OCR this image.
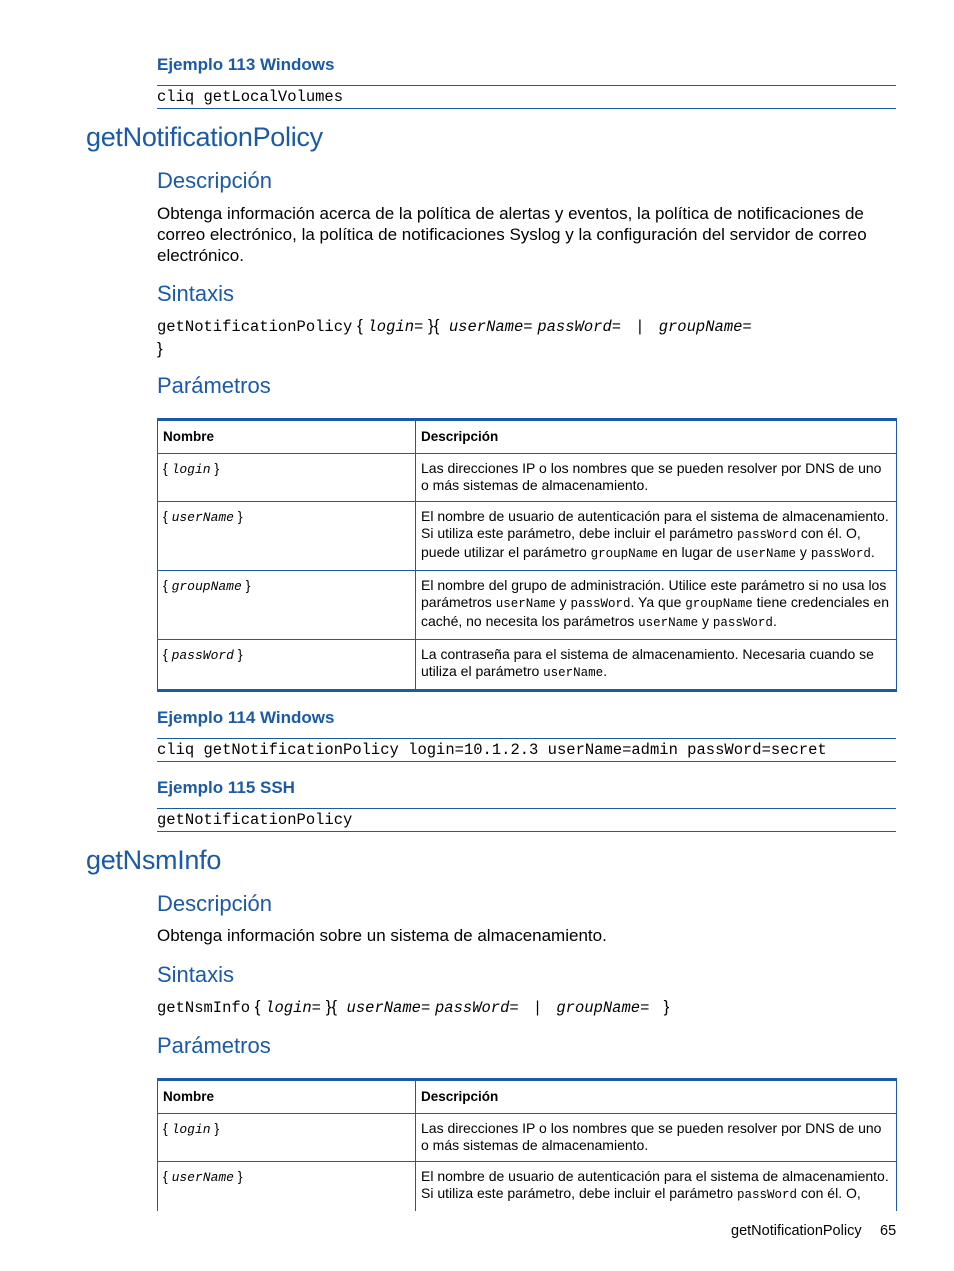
Ejemplo 113 Windows
cliq getLocalVolumes
getNotificationPolicy
Descripción
Obtenga información acerca de la política de alertas y eventos, la política de notificaciones de correo electrónico, la política de notificaciones Syslog y la configuración del servidor de correo electrónico.
Sintaxis
getNotificationPolicy { login= }{ userName= passWord= | groupName=
}
Parámetros
Nombre	Descripción
{ login }	Las direcciones IP o los nombres que se pueden resolver por DNS de uno o más sistemas de almacenamiento.
{ userName }	El nombre de usuario de autenticación para el sistema de almacenamiento. Si utiliza este parámetro, debe incluir el parámetro passWord con él. O, puede utilizar el parámetro groupName en lugar de userName y passWord.
{ groupName }	El nombre del grupo de administración. Utilice este parámetro si no usa los parámetros userName y passWord. Ya que groupName tiene credenciales en caché, no necesita los parámetros userName y passWord.
{ passWord }	La contraseña para el sistema de almacenamiento. Necesaria cuando se utiliza el parámetro userName.
Ejemplo 114 Windows
cliq getNotificationPolicy login=10.1.2.3 userName=admin passWord=secret
Ejemplo 115 SSH
getNotificationPolicy
getNsmInfo
Descripción
Obtenga información sobre un sistema de almacenamiento.
Sintaxis
getNsmInfo { login= }{ userName= passWord= | groupName= }
Parámetros
Nombre	Descripción
{ login }	Las direcciones IP o los nombres que se pueden resolver por DNS de uno o más sistemas de almacenamiento.
{ userName }	El nombre de usuario de autenticación para el sistema de almacenamiento. Si utiliza este parámetro, debe incluir el parámetro passWord con él. O,
getNotificationPolicy 65
